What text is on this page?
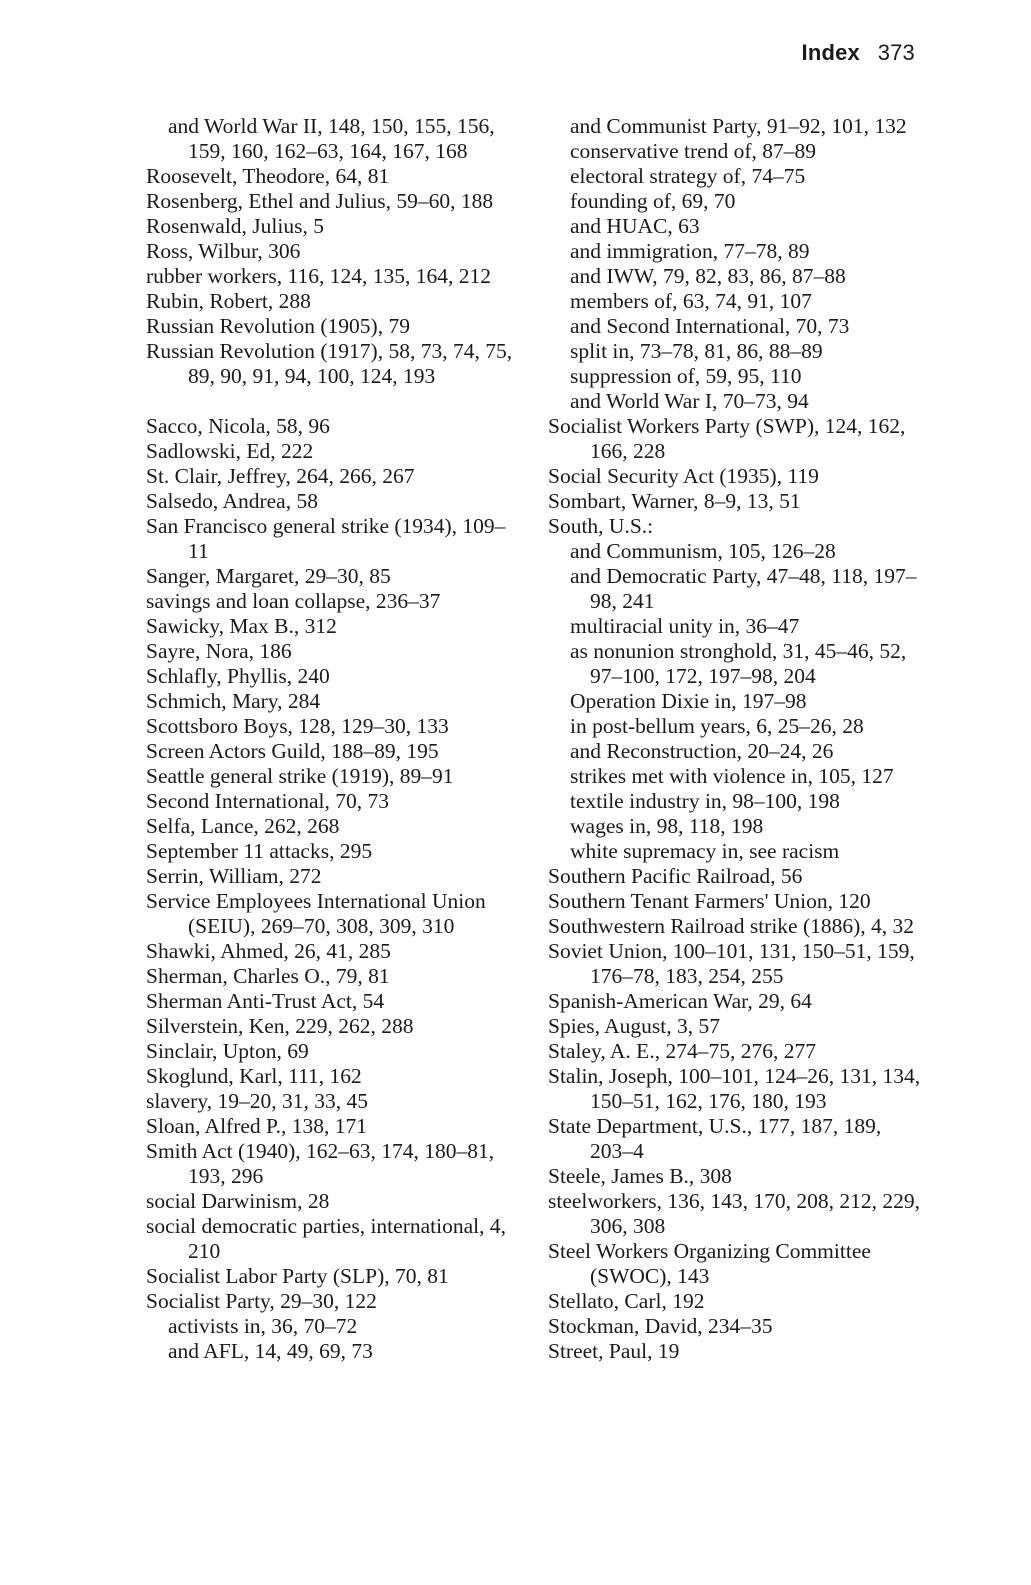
Index 373

and World War II, 148, 150, 155, 156, 159, 160, 162–63, 164, 167, 168

Roosevelt, Theodore, 64, 81

Rosenberg, Ethel and Julius, 59–60, 188

Rosenwald, Julius, 5

Ross, Wilbur, 306

rubber workers, 116, 124, 135, 164, 212

Rubin, Robert, 288

Russian Revolution (1905), 79

Russian Revolution (1917), 58, 73, 74, 75, 89, 90, 91, 94, 100, 124, 193

Sacco, Nicola, 58, 96

Sadlowski, Ed, 222

St. Clair, Jeffrey, 264, 266, 267

Salsedo, Andrea, 58

San Francisco general strike (1934), 109–11

Sanger, Margaret, 29–30, 85

savings and loan collapse, 236–37

Sawicky, Max B., 312

Sayre, Nora, 186

Schlafly, Phyllis, 240

Schmich, Mary, 284

Scottsboro Boys, 128, 129–30, 133

Screen Actors Guild, 188–89, 195

Seattle general strike (1919), 89–91

Second International, 70, 73

Selfa, Lance, 262, 268

September 11 attacks, 295

Serrin, William, 272

Service Employees International Union (SEIU), 269–70, 308, 309, 310

Shawki, Ahmed, 26, 41, 285

Sherman, Charles O., 79, 81

Sherman Anti-Trust Act, 54

Silverstein, Ken, 229, 262, 288

Sinclair, Upton, 69

Skoglund, Karl, 111, 162

slavery, 19–20, 31, 33, 45

Sloan, Alfred P., 138, 171

Smith Act (1940), 162–63, 174, 180–81, 193, 296

social Darwinism, 28

social democratic parties, international, 4, 210

Socialist Labor Party (SLP), 70, 81

Socialist Party, 29–30, 122

activists in, 36, 70–72

and AFL, 14, 49, 69, 73

and Communist Party, 91–92, 101, 132

conservative trend of, 87–89

electoral strategy of, 74–75

founding of, 69, 70

and HUAC, 63

and immigration, 77–78, 89

and IWW, 79, 82, 83, 86, 87–88

members of, 63, 74, 91, 107

and Second International, 70, 73

split in, 73–78, 81, 86, 88–89

suppression of, 59, 95, 110

and World War I, 70–73, 94

Socialist Workers Party (SWP), 124, 162, 166, 228

Social Security Act (1935), 119

Sombart, Warner, 8–9, 13, 51

South, U.S.:

and Communism, 105, 126–28

and Democratic Party, 47–48, 118, 197–98, 241

multiracial unity in, 36–47

as nonunion stronghold, 31, 45–46, 52, 97–100, 172, 197–98, 204

Operation Dixie in, 197–98

in post-bellum years, 6, 25–26, 28

and Reconstruction, 20–24, 26

strikes met with violence in, 105, 127

textile industry in, 98–100, 198

wages in, 98, 118, 198

white supremacy in, see racism

Southern Pacific Railroad, 56

Southern Tenant Farmers' Union, 120

Southwestern Railroad strike (1886), 4, 32

Soviet Union, 100–101, 131, 150–51, 159, 176–78, 183, 254, 255

Spanish-American War, 29, 64

Spies, August, 3, 57

Staley, A. E., 274–75, 276, 277

Stalin, Joseph, 100–101, 124–26, 131, 134, 150–51, 162, 176, 180, 193

State Department, U.S., 177, 187, 189, 203–4

Steele, James B., 308

steelworkers, 136, 143, 170, 208, 212, 229, 306, 308

Steel Workers Organizing Committee (SWOC), 143

Stellato, Carl, 192

Stockman, David, 234–35

Street, Paul, 19
